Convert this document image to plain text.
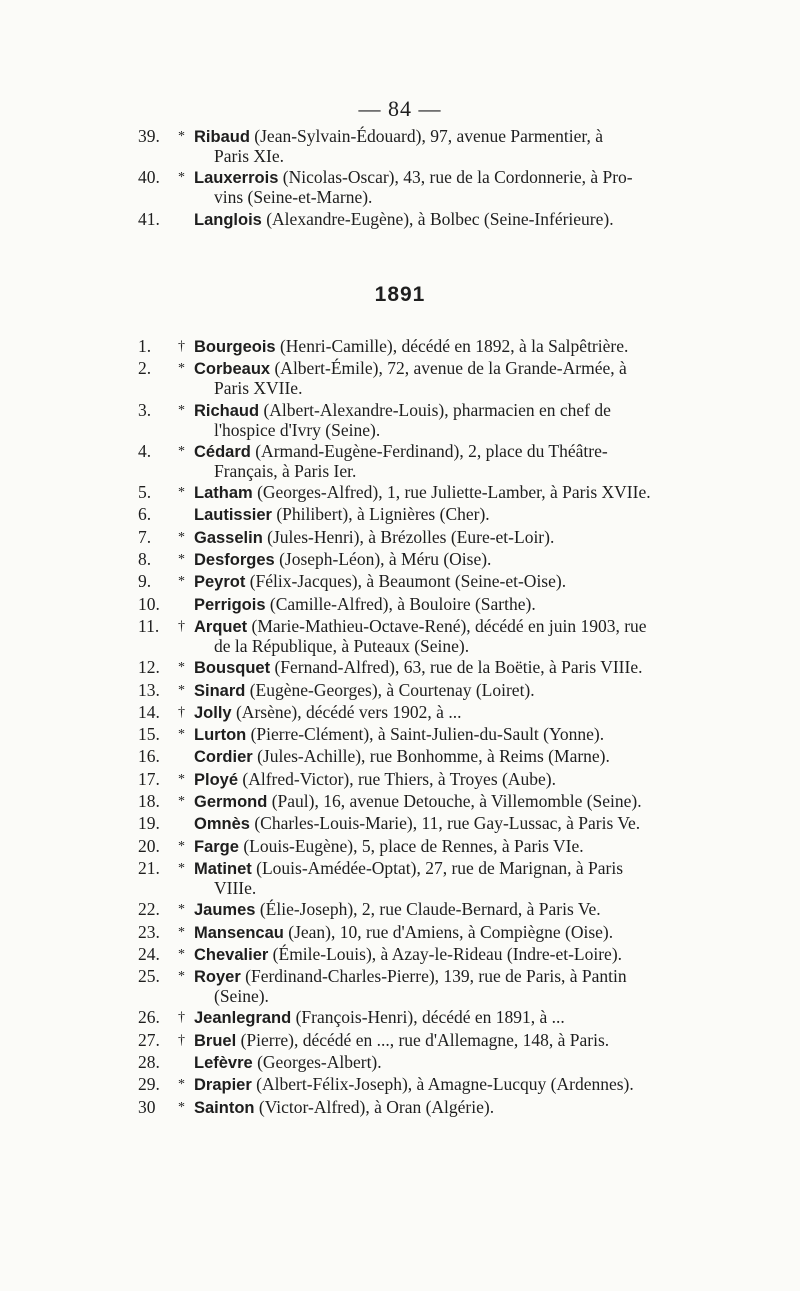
— 84 —
39.	* Ribaud (Jean-Sylvain-Édouard), 97, avenue Parmentier, à
Paris XIe.
40.	* Lauxerrois (Nicolas-Oscar), 43, rue de la Cordonnerie, à Pro-
vins (Seine-et-Marne).
41.	Langlois (Alexandre-Eugène), à Bolbec (Seine-Inférieure).
1891
1.	† Bourgeois (Henri-Camille), décédé en 1892, à la Salpêtrière.
2.	* Corbeaux (Albert-Émile), 72, avenue de la Grande-Armée, à
Paris XVIIe.
3.	* Richaud (Albert-Alexandre-Louis), pharmacien en chef de
l'hospice d'Ivry (Seine).
4.	* Cédard (Armand-Eugène-Ferdinand), 2, place du Théâtre-
Français, à Paris Ier.
5.	* Latham (Georges-Alfred), 1, rue Juliette-Lamber, à Paris XVIIe.
6.	Lautissier (Philibert), à Lignières (Cher).
7.	* Gasselin (Jules-Henri), à Brézolles (Eure-et-Loir).
8.	* Desforges (Joseph-Léon), à Méru (Oise).
9.	* Peyrot (Félix-Jacques), à Beaumont (Seine-et-Oise).
10.	Perrigois (Camille-Alfred), à Bouloire (Sarthe).
11.	† Arquet (Marie-Mathieu-Octave-René), décédé en juin 1903, rue
de la République, à Puteaux (Seine).
12.	* Bousquet (Fernand-Alfred), 63, rue de la Boëtie, à Paris VIIIe.
13.	* Sinard (Eugène-Georges), à Courtenay (Loiret).
14.	† Jolly (Arsène), décédé vers 1902, à ...
15.	* Lurton (Pierre-Clément), à Saint-Julien-du-Sault (Yonne).
16.	Cordier (Jules-Achille), rue Bonhomme, à Reims (Marne).
17.	* Ployé (Alfred-Victor), rue Thiers, à Troyes (Aube).
18.	* Germond (Paul), 16, avenue Detouche, à Villemomble (Seine).
19.	Omnès (Charles-Louis-Marie), 11, rue Gay-Lussac, à Paris Ve.
20.	* Farge (Louis-Eugène), 5, place de Rennes, à Paris VIe.
21.	* Matinet (Louis-Amédée-Optat), 27, rue de Marignan, à Paris
VIIIe.
22.	* Jaumes (Élie-Joseph), 2, rue Claude-Bernard, à Paris Ve.
23.	* Mansencau (Jean), 10, rue d'Amiens, à Compiègne (Oise).
24.	* Chevalier (Émile-Louis), à Azay-le-Rideau (Indre-et-Loire).
25.	* Royer (Ferdinand-Charles-Pierre), 139, rue de Paris, à Pantin
(Seine).
26.	† Jeanlegrand (François-Henri), décédé en 1891, à ...
27.	† Bruel (Pierre), décédé en ..., rue d'Allemagne, 148, à Paris.
28.	Lefèvre (Georges-Albert).
29.	* Drapier (Albert-Félix-Joseph), à Amagne-Lucquy (Ardennes).
30	* Sainton (Victor-Alfred), à Oran (Algérie).
